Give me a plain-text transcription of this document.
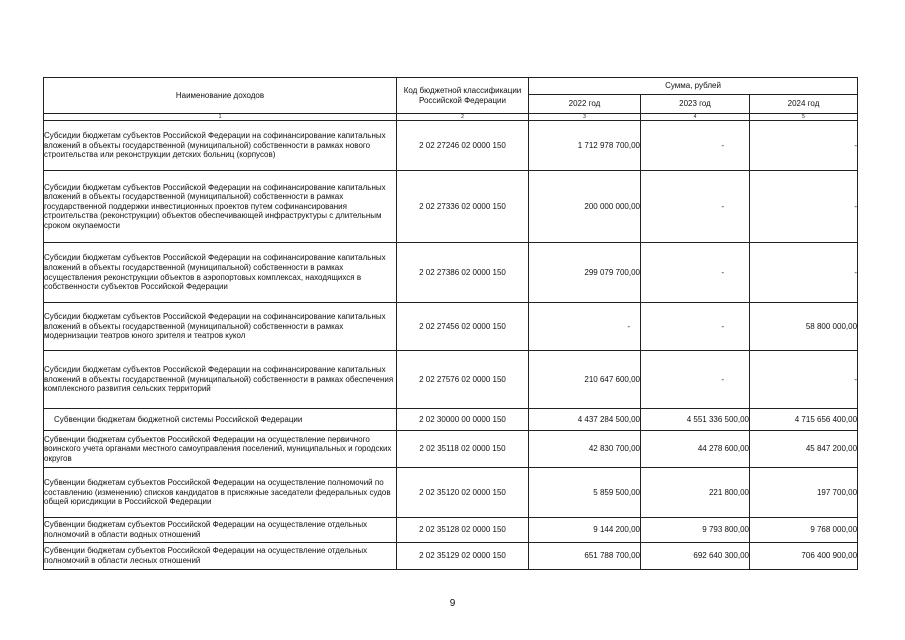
Наименование доходов	Код бюджетной классификации Российской Федерации	Сумма, рублей		
		2022 год	2023 год	2024 год
1	2	3	4	5
Субсидии бюджетам субъектов Российской Федерации на софинансирование капитальных вложений в объекты государственной (муниципальной) собственности в рамках нового строительства или реконструкции детских больниц (корпусов)	2 02 27246 02 0000 150	1 712 978 700,00	-	-
Субсидии бюджетам субъектов Российской Федерации на софинансирование капитальных вложений в объекты государственной (муниципальной) собственности в рамках государственной поддержки инвестиционных проектов путем софинансирования строительства (реконструкции) объектов обеспечивающей инфраструктуры с длительным сроком окупаемости	2 02 27336 02 0000 150	200 000 000,00	-	-
Субсидии бюджетам субъектов Российской Федерации на софинансирование капитальных вложений в объекты государственной (муниципальной) собственности в рамках осуществления реконструкции объектов в аэропортовых комплексах, находящихся в собственности субъектов Российской Федерации	2 02 27386 02 0000 150	299 079 700,00	-	-
Субсидии бюджетам субъектов Российской Федерации на софинансирование капитальных вложений в объекты государственной (муниципальной) собственности в рамках модернизации театров юного зрителя и театров кукол	2 02 27456 02 0000 150	-	-	58 800 000,00
Субсидии бюджетам субъектов Российской Федерации на софинансирование капитальных вложений в объекты государственной (муниципальной) собственности в рамках обеспечения комплексного развития сельских территорий	2 02 27576 02 0000 150	210 647 600,00	-	-
Субвенции бюджетам бюджетной системы Российской Федерации	2 02 30000 00 0000 150	4 437 284 500,00	4 551 336 500,00	4 715 656 400,00
Субвенции бюджетам субъектов Российской Федерации на осуществление первичного воинского учета органами местного самоуправления поселений, муниципальных и городских округов	2 02 35118 02 0000 150	42 830 700,00	44 278 600,00	45 847 200,00
Субвенции бюджетам субъектов Российской Федерации на осуществление полномочий по составлению (изменению) списков кандидатов в присяжные заседатели федеральных судов общей юрисдикции в Российской Федерации	2 02 35120 02 0000 150	5 859 500,00	221 800,00	197 700,00
Субвенции бюджетам субъектов Российской Федерации на осуществление отдельных полномочий в области водных отношений	2 02 35128 02 0000 150	9 144 200,00	9 793 800,00	9 768 000,00
Субвенции бюджетам субъектов Российской Федерации на осуществление отдельных полномочий в области лесных отношений	2 02 35129 02 0000 150	651 788 700,00	692 640 300,00	706 400 900,00
9
